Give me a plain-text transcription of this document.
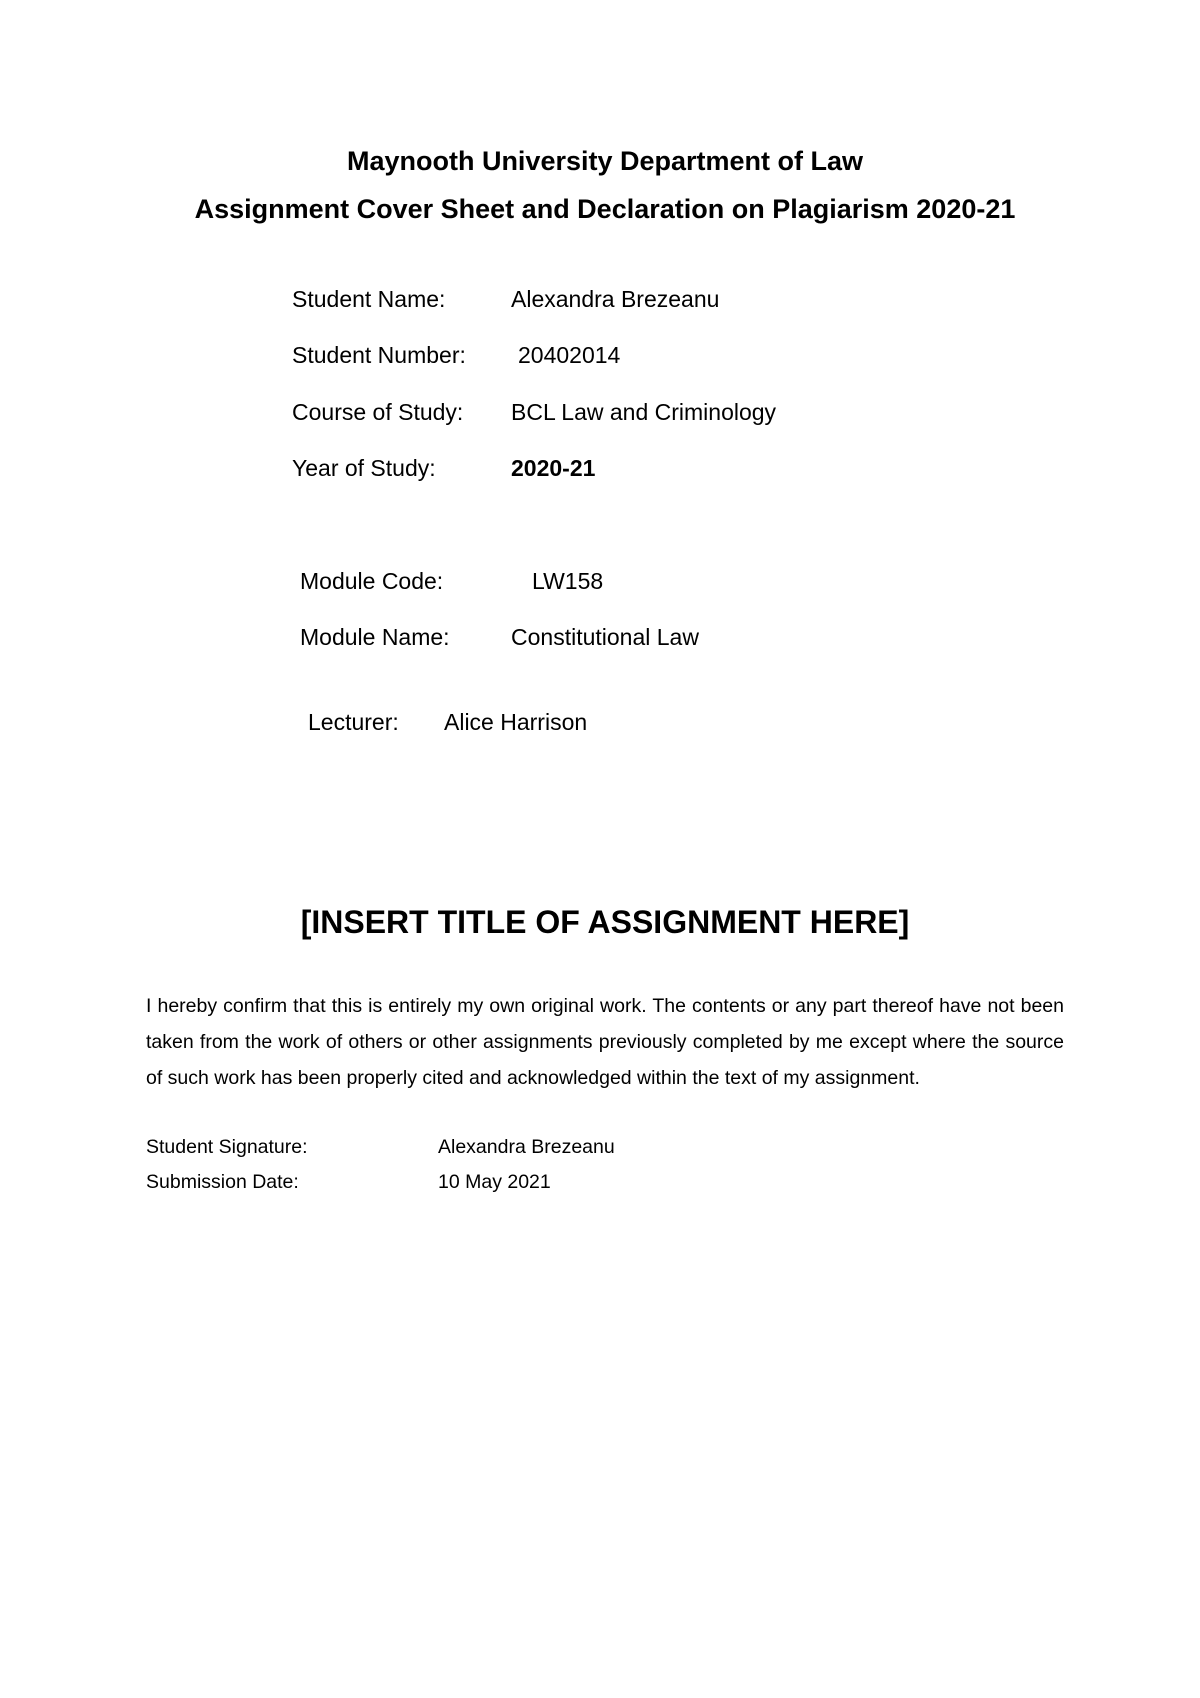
Maynooth University Department of Law
Assignment Cover Sheet and Declaration on Plagiarism 2020-21
Student Name:	Alexandra Brezeanu
Student Number: 20402014
Course of Study: BCL Law and Criminology
Year of Study:	2020-21
Module Code:	LW158
Module Name:	Constitutional Law
Lecturer: Alice Harrison
[INSERT TITLE OF ASSIGNMENT HERE]
I hereby confirm that this is entirely my own original work. The contents or any part thereof have not been taken from the work of others or other assignments previously completed by me except where the source of such work has been properly cited and acknowledged within the text of my assignment.
Student Signature:	Alexandra Brezeanu
Submission Date:	10 May 2021
